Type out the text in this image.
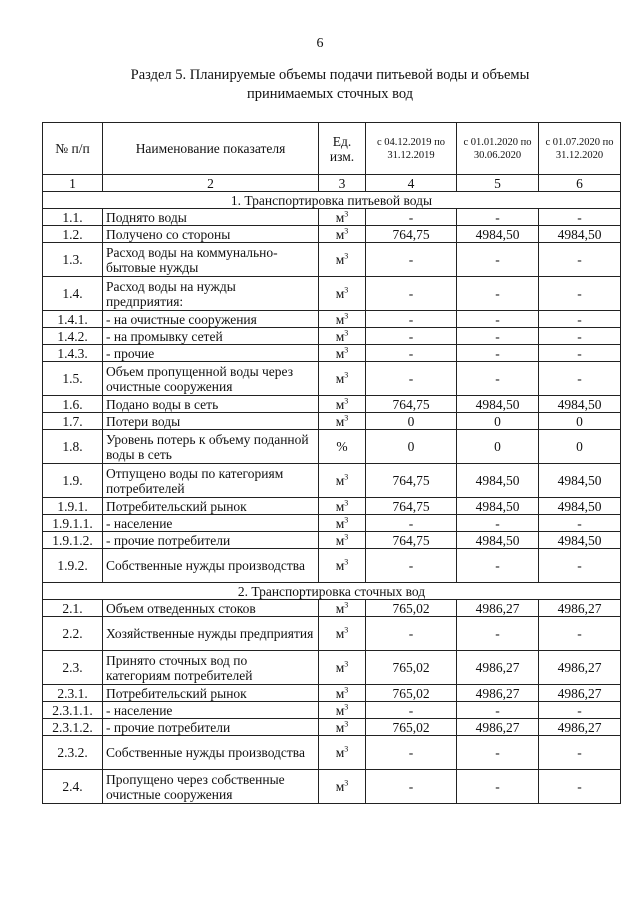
6
Раздел 5. Планируемые объемы подачи питьевой воды и объемы
принимаемых сточных вод
№ п/п	Наименование показателя	Ед. изм.	с 04.12.2019 по 31.12.2019	с 01.01.2020 по 30.06.2020	с 01.07.2020 по 31.12.2020
1	2	3	4	5	6
1. Транспортировка питьевой воды					
1.1.	Поднято воды	$м^3$	-	-	-
1.2.	Получено со стороны	$м^3$	764,75	4984,50	4984,50
1.3.	Расход воды на коммунально-бытовые нужды	$м^3$	-	-	-
1.4.	Расход воды на нужды предприятия:	$м^3$	-	-	-
1.4.1.	- на очистные сооружения	$м^3$	-	-	-
1.4.2.	- на промывку сетей	$м^3$	-	-	-
1.4.3.	- прочие	$м^3$	-	-	-
1.5.	Объем пропущенной воды через очистные сооружения	$м^3$	-	-	-
1.6.	Подано воды в сеть	$м^3$	764,75	4984,50	4984,50
1.7.	Потери воды	$м^3$	0	0	0
1.8.	Уровень потерь к объему поданной воды в сеть	%	0	0	0
1.9.	Отпущено воды по категориям потребителей	$м^3$	764,75	4984,50	4984,50
1.9.1.	Потребительский рынок	$м^3$	764,75	4984,50	4984,50
1.9.1.1.	- население	$м^3$	-	-	-
1.9.1.2.	- прочие потребители	$м^3$	764,75	4984,50	4984,50
1.9.2.	Собственные нужды производства	$м^3$	-	-	-
2. Транспортировка сточных вод					
2.1.	Объем отведенных стоков	$м^3$	765,02	4986,27	4986,27
2.2.	Хозяйственные нужды предприятия	$м^3$	-	-	-
2.3.	Принято сточных вод по категориям потребителей	$м^3$	765,02	4986,27	4986,27
2.3.1.	Потребительский рынок	$м^3$	765,02	4986,27	4986,27
2.3.1.1.	- население	$м^3$	-	-	-
2.3.1.2.	- прочие потребители	$м^3$	765,02	4986,27	4986,27
2.3.2.	Собственные нужды производства	$м^3$	-	-	-
2.4.	Пропущено через собственные очистные сооружения	$м^3$	-	-	-
